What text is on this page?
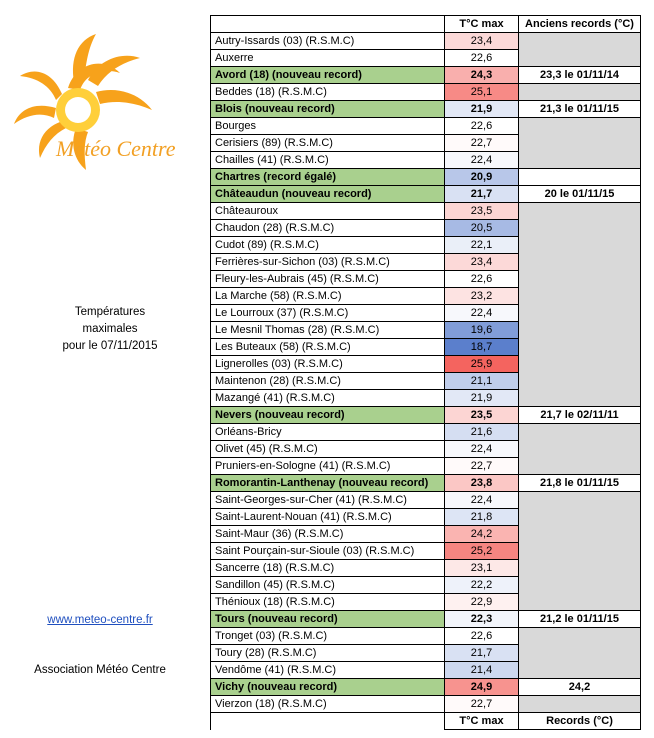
Météo Centre
Températures
maximales
pour le 07/11/2015
www.meteo-centre.fr
Association Météo Centre
	T°C max	Anciens records (°C)
Autry-Issards (03) (R.S.M.C)	23,4	
Auxerre	22,6	
Avord (18) (nouveau record)	24,3	23,3 le 01/11/14
Beddes (18) (R.S.M.C)	25,1	
Blois (nouveau record)	21,9	21,3 le 01/11/15
Bourges	22,6	
Cerisiers (89) (R.S.M.C)	22,7	
Chailles (41) (R.S.M.C)	22,4	
Chartres (record égalé)	20,9	
Châteaudun (nouveau record)	21,7	20 le 01/11/15
Châteauroux	23,5	
Chaudon (28) (R.S.M.C)	20,5	
Cudot (89) (R.S.M.C)	22,1	
Ferrières-sur-Sichon (03) (R.S.M.C)	23,4	
Fleury-les-Aubrais (45) (R.S.M.C)	22,6	
La Marche (58) (R.S.M.C)	23,2	
Le Lourroux (37) (R.S.M.C)	22,4	
Le Mesnil Thomas (28) (R.S.M.C)	19,6	
Les Buteaux (58) (R.S.M.C)	18,7	
Lignerolles (03) (R.S.M.C)	25,9	
Maintenon (28) (R.S.M.C)	21,1	
Mazangé (41) (R.S.M.C)	21,9	
Nevers (nouveau record)	23,5	21,7 le 02/11/11
Orléans-Bricy	21,6	
Olivet (45) (R.S.M.C)	22,4	
Pruniers-en-Sologne (41) (R.S.M.C)	22,7	
Romorantin-Lanthenay (nouveau record)	23,8	21,8 le 01/11/15
Saint-Georges-sur-Cher (41) (R.S.M.C)	22,4	
Saint-Laurent-Nouan (41) (R.S.M.C)	21,8	
Saint-Maur (36) (R.S.M.C)	24,2	
Saint Pourçain-sur-Sioule (03) (R.S.M.C)	25,2	
Sancerre (18) (R.S.M.C)	23,1	
Sandillon (45) (R.S.M.C)	22,2	
Thénioux (18) (R.S.M.C)	22,9	
Tours (nouveau record)	22,3	21,2 le 01/11/15
Tronget (03) (R.S.M.C)	22,6	
Toury (28) (R.S.M.C)	21,7	
Vendôme (41) (R.S.M.C)	21,4	
Vichy (nouveau record)	24,9	24,2
Vierzon (18) (R.S.M.C)	22,7	
	T°C max	Records (°C)
